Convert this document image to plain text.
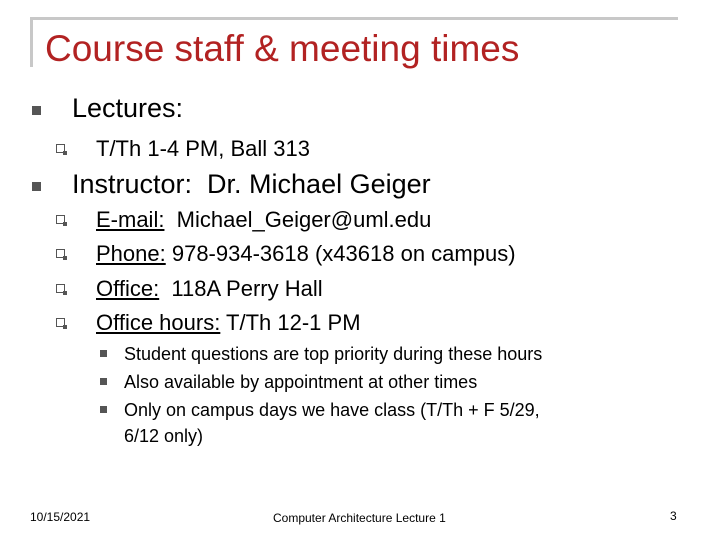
Course staff & meeting times
Lectures:
T/Th 1-4 PM, Ball 313
Instructor:  Dr. Michael Geiger
E-mail:  Michael_Geiger@uml.edu
Phone: 978-934-3618 (x43618 on campus)
Office:  118A Perry Hall
Office hours: T/Th 12-1 PM
Student questions are top priority during these hours
Also available by appointment at other times
Only on campus days we have class (T/Th + F 5/29,
6/12 only)
10/15/2021	Computer Architecture Lecture 1	3
